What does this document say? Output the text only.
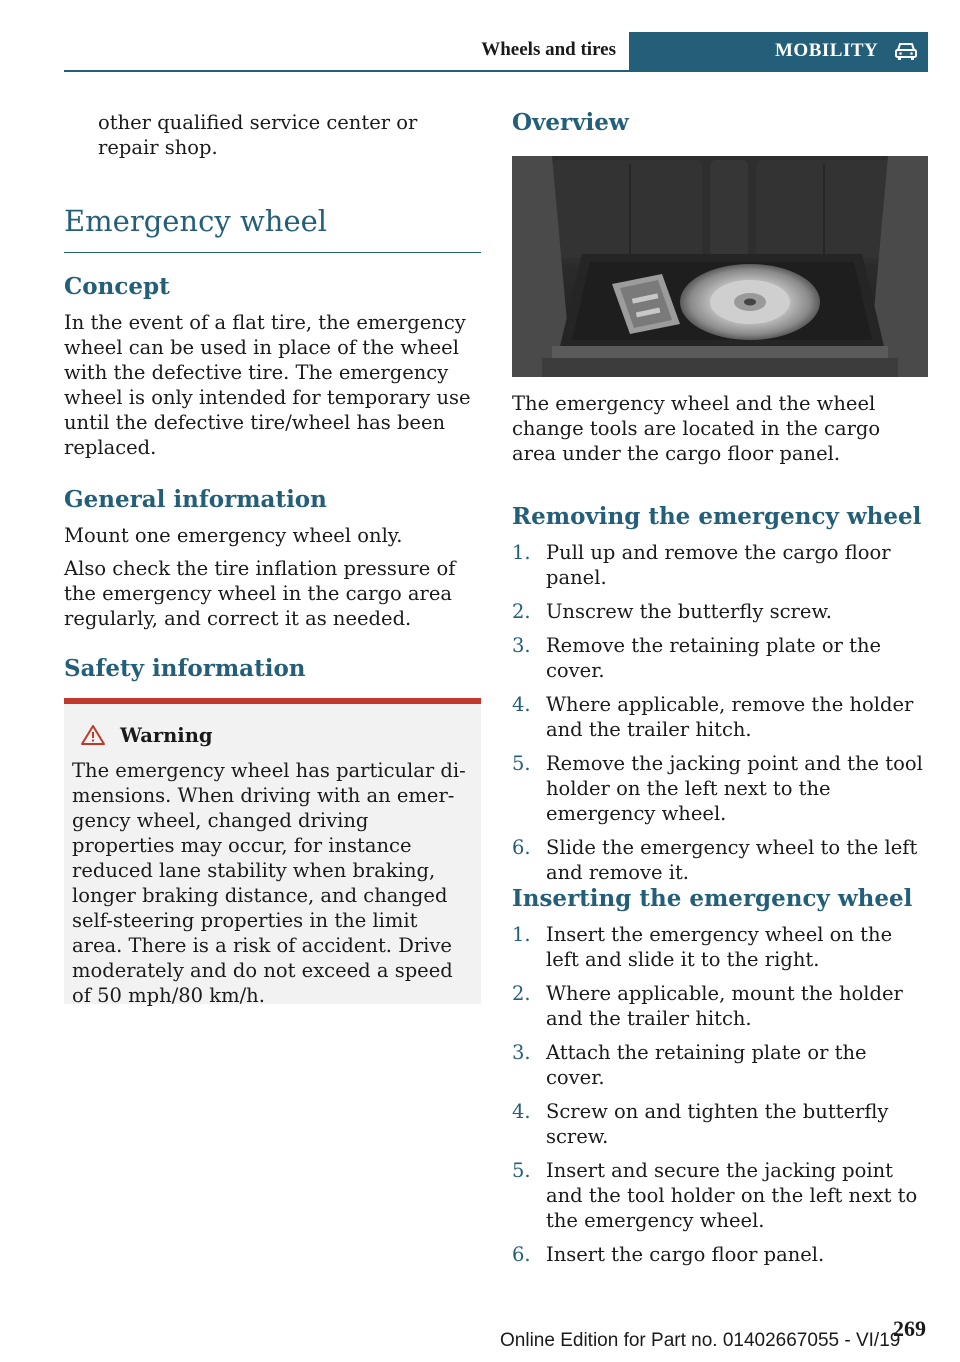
Wheels and tires	MOBILITY

other qualified service center or repair shop.

Emergency wheel
Concept

In the event of a flat tire, the emergency wheel can be used in place of the wheel with the defective tire. The emergency wheel is only intended for temporary use until the defective tire/wheel has been replaced.

General information

Mount one emergency wheel only.

Also check the tire inflation pressure of the emergency wheel in the cargo area regularly, and correct it as needed.

Safety information
Warning

The emergency wheel has particular dimensions. When driving with an emergency wheel, changed driving properties may occur, for instance reduced lane stability when braking, longer braking distance, and changed self-steering properties in the limit area. There is a risk of accident. Drive moderately and do not exceed a speed of 50 mph/80 km/h.

Overview

The emergency wheel and the wheel change tools are located in the cargo area under the cargo floor panel.

Removing the emergency wheel
1. Pull up and remove the cargo floor panel.
2. Unscrew the butterfly screw.
3. Remove the retaining plate or the cover.
4. Where applicable, remove the holder and the trailer hitch.
5. Remove the jacking point and the tool holder on the left next to the emergency wheel.
6. Slide the emergency wheel to the left and remove it.
Inserting the emergency wheel
1. Insert the emergency wheel on the left and slide it to the right.
2. Where applicable, mount the holder and the trailer hitch.
3. Attach the retaining plate or the cover.
4. Screw on and tighten the butterfly screw.
5. Insert and secure the jacking point and the tool holder on the left next to the emergency wheel.
6. Insert the cargo floor panel.
269
Online Edition for Part no. 01402667055 - VI/19
